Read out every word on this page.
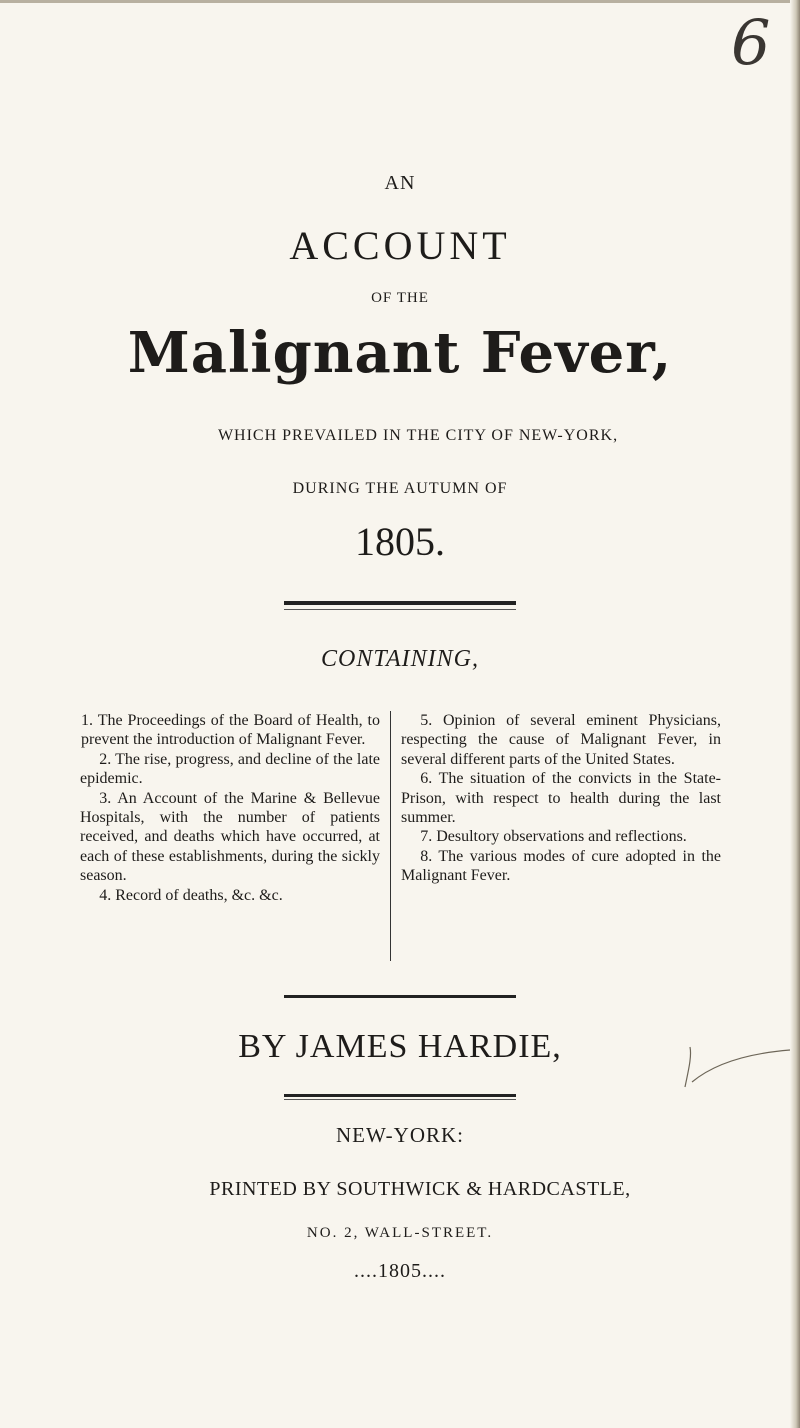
6
AN
ACCOUNT
OF THE
Malignant Fever,
WHICH PREVAILED IN THE CITY OF NEW-YORK,
DURING THE AUTUMN OF
1805.
CONTAINING,

1. The Proceedings of the Board of Health, to prevent the introduction of Malignant Fever.

2. The rise, progress, and decline of the late epidemic.

3. An Account of the Marine & Bellevue Hospitals, with the number of patients received, and deaths which have occurred, at each of these establishments, during the sickly season.

4. Record of deaths, &c. &c.

5. Opinion of several eminent Physicians, respecting the cause of Malignant Fever, in several different parts of the United States.

6. The situation of the convicts in the State-Prison, with respect to health during the last summer.

7. Desultory observations and reflections.

8. The various modes of cure adopted in the Malignant Fever.

BY JAMES HARDIE,
NEW-YORK:
PRINTED BY SOUTHWICK & HARDCASTLE,
NO. 2, WALL-STREET.
....1805....
